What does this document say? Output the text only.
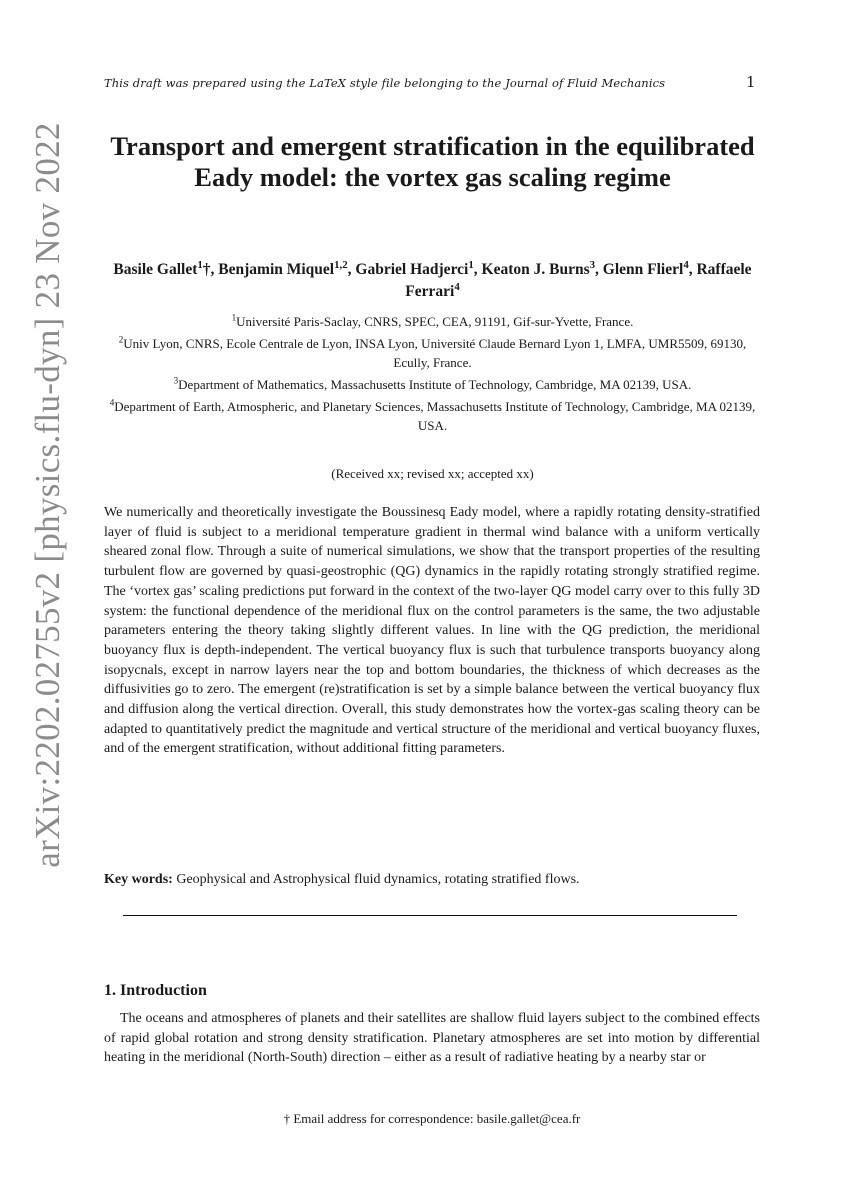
This draft was prepared using the LaTeX style file belonging to the Journal of Fluid Mechanics	1
arXiv:2202.02755v2 [physics.flu-dyn] 23 Nov 2022	Transport and emergent stratification in the equilibrated Eady model: the vortex gas scaling regime
Basile Gallet$^1$†, Benjamin Miquel$^{1,2}$, Gabriel Hadjerci$^1$, Keaton J. Burns$^3$, Glenn Flierl$^4$, Raffaele Ferrari$^4$
$^1$Université Paris-Saclay, CNRS, SPEC, CEA, 91191, Gif-sur-Yvette, France.
$^2$Univ Lyon, CNRS, Ecole Centrale de Lyon, INSA Lyon, Université Claude Bernard Lyon 1, LMFA, UMR5509, 69130, Ecully, France.
$^3$Department of Mathematics, Massachusetts Institute of Technology, Cambridge, MA 02139, USA.
$^4$Department of Earth, Atmospheric, and Planetary Sciences, Massachusetts Institute of Technology, Cambridge, MA 02139, USA.
(Received xx; revised xx; accepted xx)
We numerically and theoretically investigate the Boussinesq Eady model, where a rapidly rotating density-stratified layer of fluid is subject to a meridional temperature gradient in thermal wind balance with a uniform vertically sheared zonal flow. Through a suite of numerical simulations, we show that the transport properties of the resulting turbulent flow are governed by quasi-geostrophic (QG) dynamics in the rapidly rotating strongly stratified regime. The ‘vortex gas’ scaling predictions put forward in the context of the two-layer QG model carry over to this fully 3D system: the functional dependence of the meridional flux on the control parameters is the same, the two adjustable parameters entering the theory taking slightly different values. In line with the QG prediction, the meridional buoyancy flux is depth-independent. The vertical buoyancy flux is such that turbulence transports buoyancy along isopycnals, except in narrow layers near the top and bottom boundaries, the thickness of which decreases as the diffusivities go to zero. The emergent (re)stratification is set by a simple balance between the vertical buoyancy flux and diffusion along the vertical direction. Overall, this study demonstrates how the vortex-gas scaling theory can be adapted to quantitatively predict the magnitude and vertical structure of the meridional and vertical buoyancy fluxes, and of the emergent stratification, without additional fitting parameters.
Key words: Geophysical and Astrophysical fluid dynamics, rotating stratified flows.
1. Introduction
The oceans and atmospheres of planets and their satellites are shallow fluid layers subject to the combined effects of rapid global rotation and strong density stratification. Planetary atmospheres are set into motion by differential heating in the meridional (North-South) direction – either as a result of radiative heating by a nearby star or
† Email address for correspondence: basile.gallet@cea.fr
